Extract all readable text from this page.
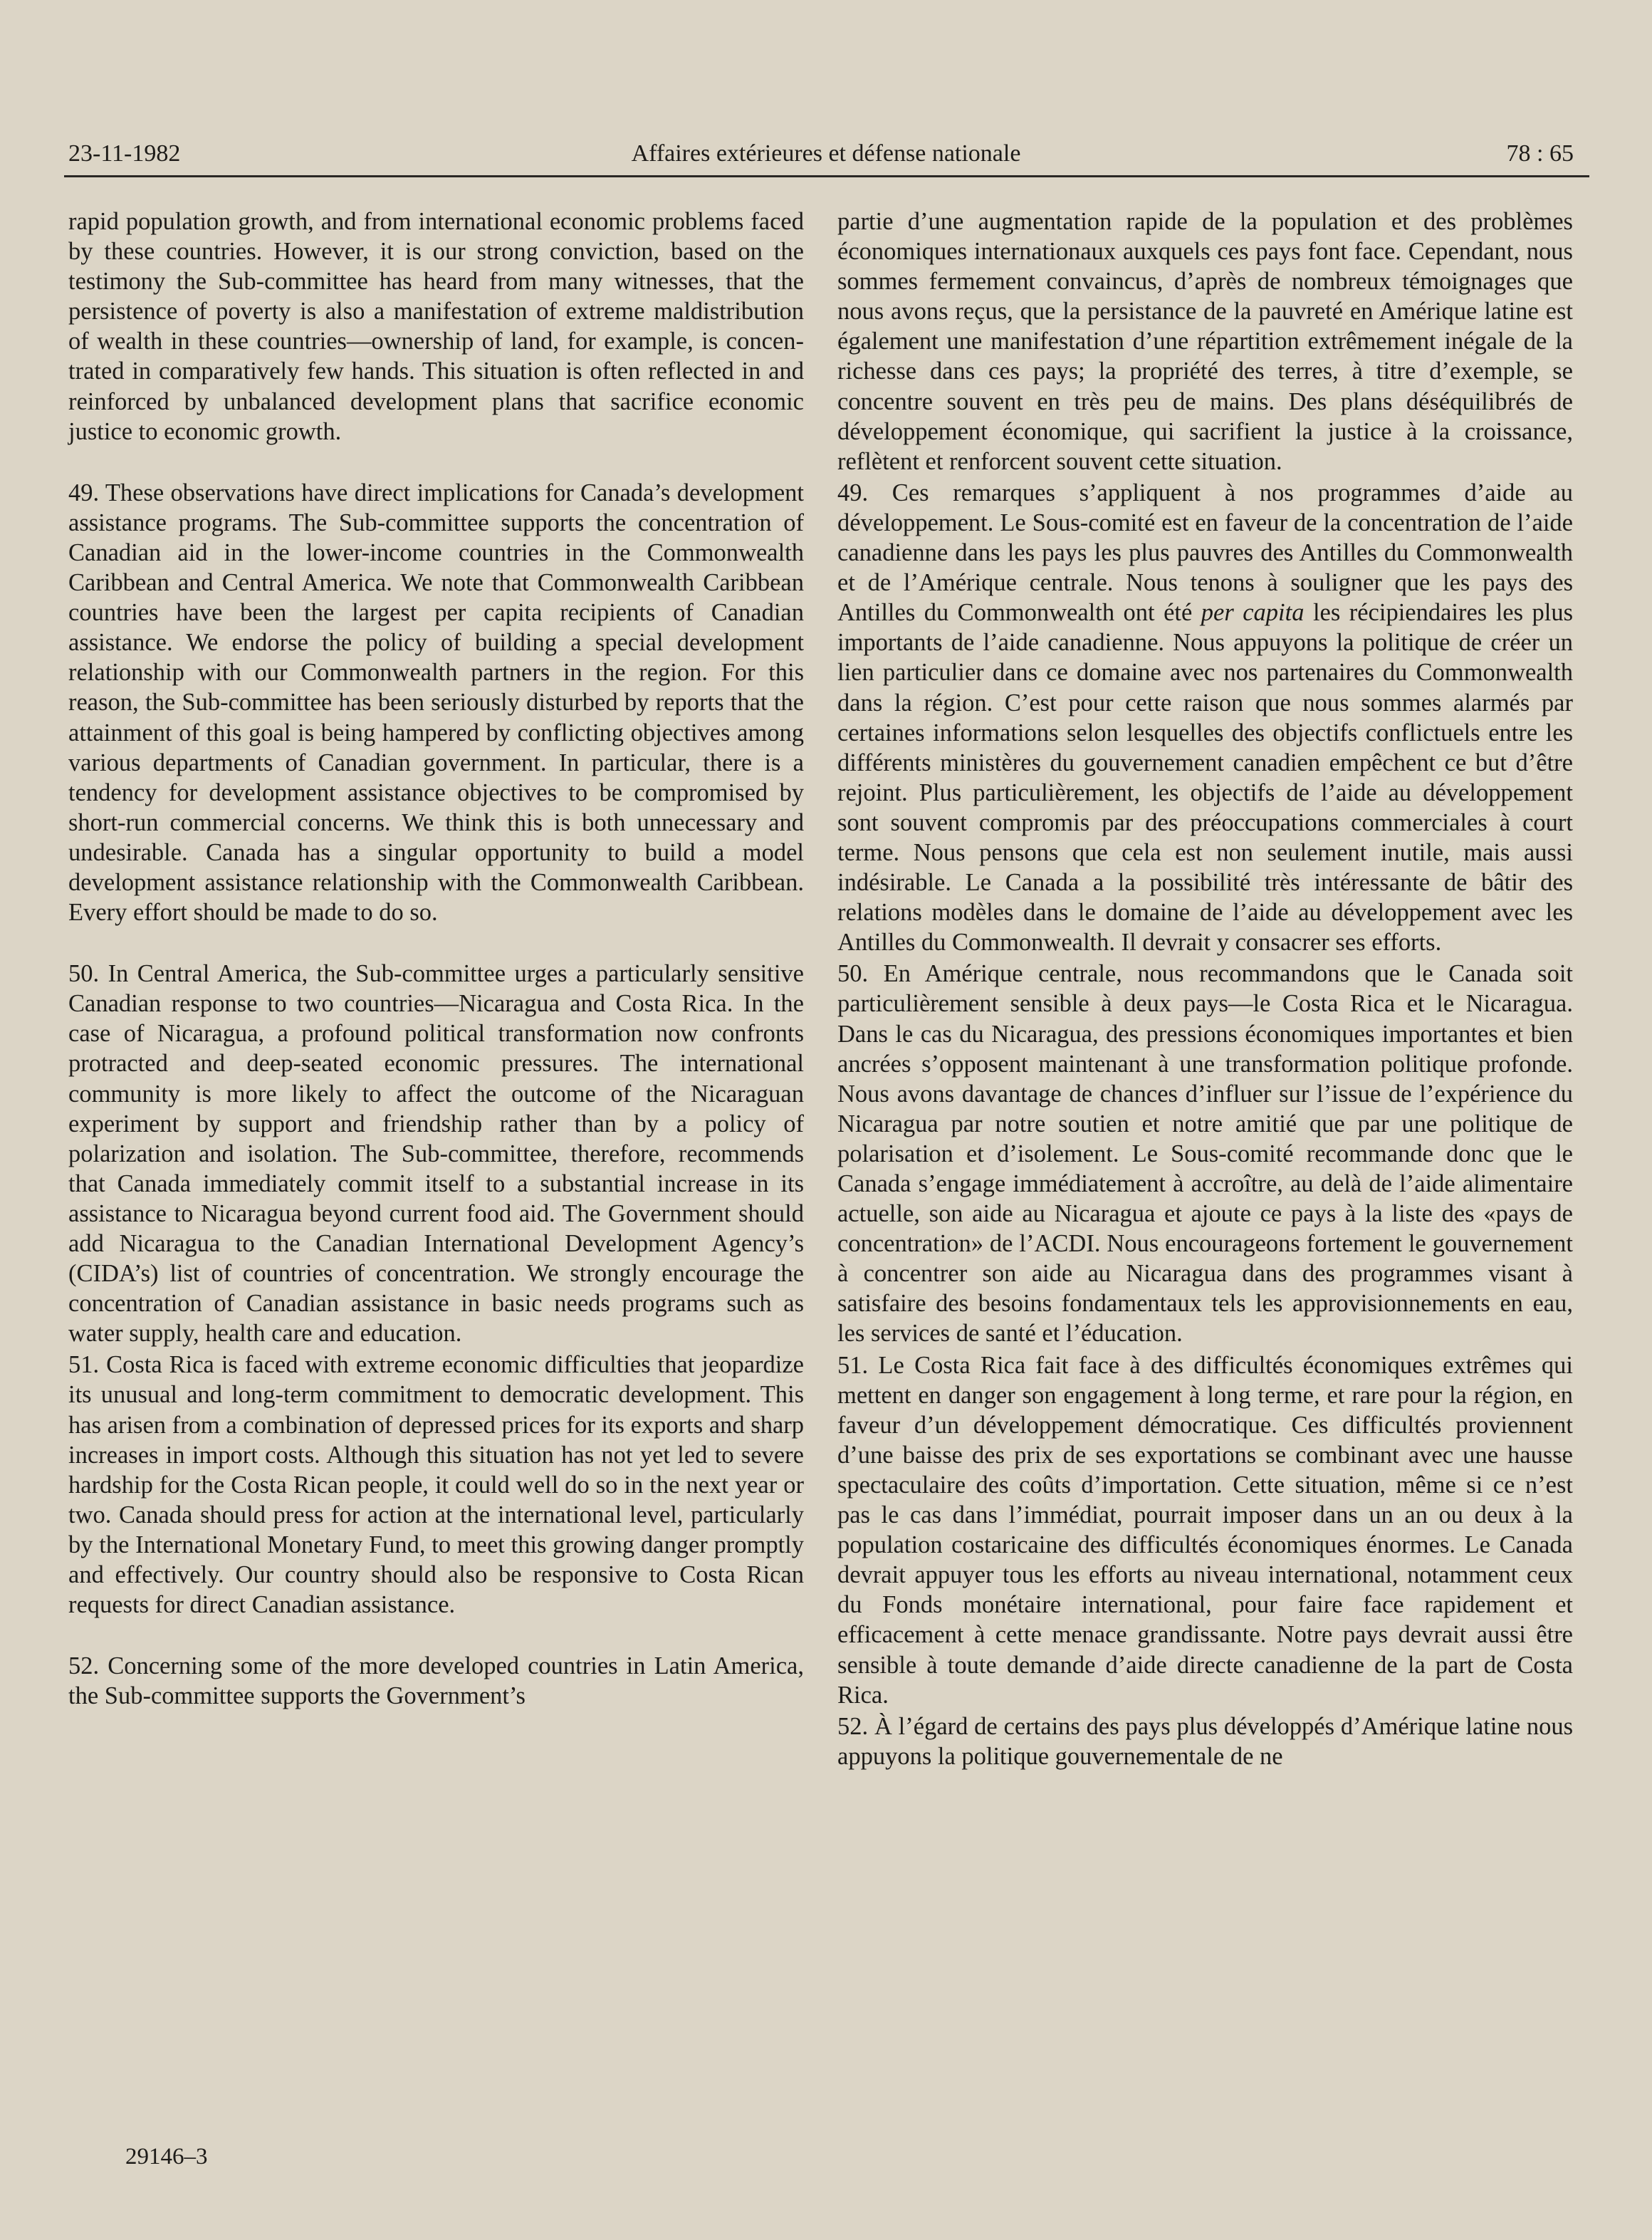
23-11-1982	Affaires extérieures et défense nationale	78 : 65

rapid population growth, and from international economic problems faced by these countries. However, it is our strong conviction, based on the testimony the Sub-committee has heard from many witnesses, that the persistence of poverty is also a manifestation of extreme maldistribution of wealth in these countries—ownership of land, for example, is concentrated in comparatively few hands. This situation is often reflected in and reinforced by unbalanced development plans that sacrifice economic justice to economic growth.

49. These observations have direct implications for Canada’s development assistance programs. The Sub-committee supports the concentration of Canadian aid in the lower-income countries in the Commonwealth Caribbean and Central America. We note that Commonwealth Caribbean countries have been the largest per capita recipients of Canadian assistance. We endorse the policy of building a special development relationship with our Commonwealth partners in the region. For this reason, the Sub-committee has been seriously disturbed by reports that the attainment of this goal is being hampered by conflicting objectives among various departments of Canadian government. In particular, there is a tendency for development assistance objectives to be compromised by short-run commercial concerns. We think this is both unnecessary and undesirable. Canada has a singular opportunity to build a model development assistance relationship with the Commonwealth Caribbean. Every effort should be made to do so.

50. In Central America, the Sub-committee urges a particularly sensitive Canadian response to two countries—Nicaragua and Costa Rica. In the case of Nicaragua, a profound political transformation now confronts protracted and deep-seated economic pressures. The international community is more likely to affect the outcome of the Nicaraguan experiment by support and friendship rather than by a policy of polarization and isolation. The Sub-committee, therefore, recommends that Canada immediately commit itself to a substantial increase in its assistance to Nicaragua beyond current food aid. The Government should add Nicaragua to the Canadian International Development Agency’s (CIDA’s) list of countries of concentration. We strongly encourage the concentration of Canadian assistance in basic needs programs such as water supply, health care and education.

51. Costa Rica is faced with extreme economic difficulties that jeopardize its unusual and long-term commitment to democratic development. This has arisen from a combination of depressed prices for its exports and sharp increases in import costs. Although this situation has not yet led to severe hardship for the Costa Rican people, it could well do so in the next year or two. Canada should press for action at the international level, particularly by the International Monetary Fund, to meet this growing danger promptly and effectively. Our country should also be responsive to Costa Rican requests for direct Canadian assistance.

52. Concerning some of the more developed countries in Latin America, the Sub-committee supports the Government’s

partie d’une augmentation rapide de la population et des problèmes économiques internationaux auxquels ces pays font face. Cependant, nous sommes fermement convaincus, d’après de nombreux témoignages que nous avons reçus, que la persistance de la pauvreté en Amérique latine est également une manifestation d’une répartition extrêmement inégale de la richesse dans ces pays; la propriété des terres, à titre d’exemple, se concentre souvent en très peu de mains. Des plans déséquilibrés de développement économique, qui sacrifient la justice à la croissance, reflètent et renforcent souvent cette situation.

49. Ces remarques s’appliquent à nos programmes d’aide au développement. Le Sous-comité est en faveur de la concentration de l’aide canadienne dans les pays les plus pauvres des Antilles du Commonwealth et de l’Amérique centrale. Nous tenons à souligner que les pays des Antilles du Commonwealth ont été per capita les récipiendaires les plus importants de l’aide canadienne. Nous appuyons la politique de créer un lien particulier dans ce domaine avec nos partenaires du Commonwealth dans la région. C’est pour cette raison que nous sommes alarmés par certaines informations selon lesquelles des objectifs conflictuels entre les différents ministères du gouvernement canadien empêchent ce but d’être rejoint. Plus particulièrement, les objectifs de l’aide au développement sont souvent compromis par des préoccupations commerciales à court terme. Nous pensons que cela est non seulement inutile, mais aussi indésirable. Le Canada a la possibilité très intéressante de bâtir des relations modèles dans le domaine de l’aide au développement avec les Antilles du Commonwealth. Il devrait y consacrer ses efforts.

50. En Amérique centrale, nous recommandons que le Canada soit particulièrement sensible à deux pays—le Costa Rica et le Nicaragua. Dans le cas du Nicaragua, des pressions économiques importantes et bien ancrées s’opposent maintenant à une transformation politique profonde. Nous avons davantage de chances d’influer sur l’issue de l’expérience du Nicaragua par notre soutien et notre amitié que par une politique de polarisation et d’isolement. Le Sous-comité recommande donc que le Canada s’engage immédiatement à accroître, au delà de l’aide alimentaire actuelle, son aide au Nicaragua et ajoute ce pays à la liste des «pays de concentration» de l’ACDI. Nous encourageons fortement le gouvernement à concentrer son aide au Nicaragua dans des programmes visant à satisfaire des besoins fondamentaux tels les approvisionnements en eau, les services de santé et l’éducation.

51. Le Costa Rica fait face à des difficultés économiques extrêmes qui mettent en danger son engagement à long terme, et rare pour la région, en faveur d’un développement démocratique. Ces difficultés proviennent d’une baisse des prix de ses exportations se combinant avec une hausse spectaculaire des coûts d’importation. Cette situation, même si ce n’est pas le cas dans l’immédiat, pourrait imposer dans un an ou deux à la population costaricaine des difficultés économiques énormes. Le Canada devrait appuyer tous les efforts au niveau international, notamment ceux du Fonds monétaire international, pour faire face rapidement et efficacement à cette menace grandissante. Notre pays devrait aussi être sensible à toute demande d’aide directe canadienne de la part de Costa Rica.

52. À l’égard de certains des pays plus développés d’Amérique latine nous appuyons la politique gouvernementale de ne

29146–3
